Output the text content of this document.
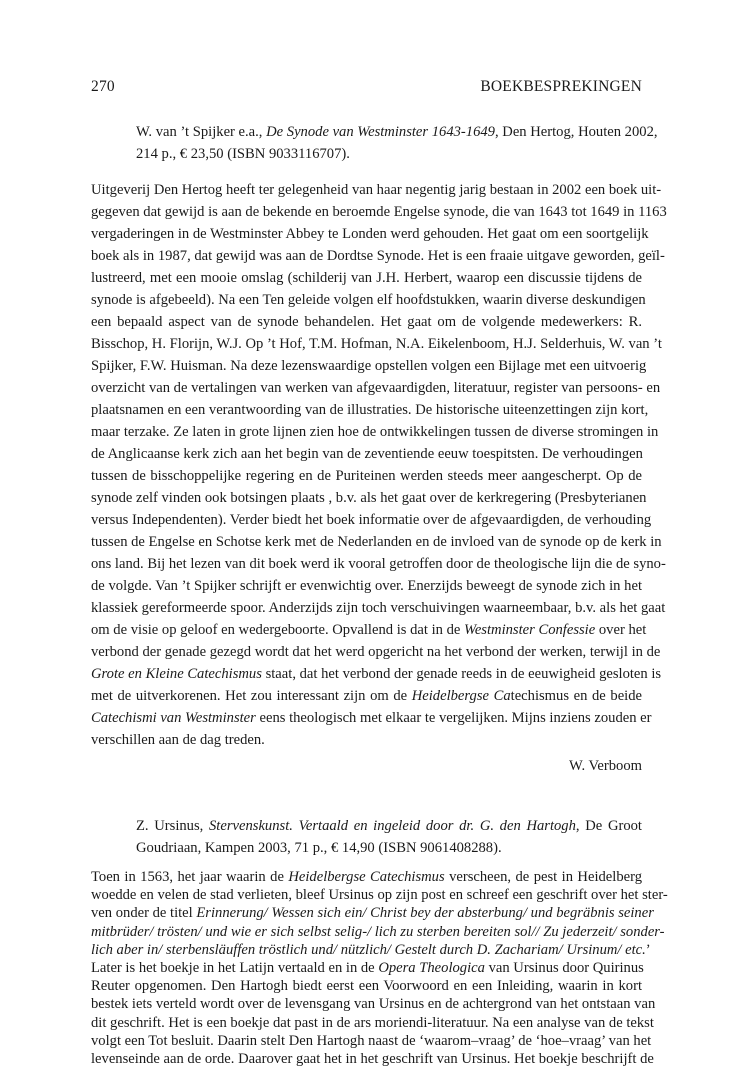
270	BOEKBESPREKINGEN
W. van ’t Spijker e.a., De Synode van Westminster 1643-1649, Den Hertog, Houten 2002,
214 p., € 23,50 (ISBN 9033116707).
Uitgeverij Den Hertog heeft ter gelegenheid van haar negentig jarig bestaan in 2002 een boek uit-
gegeven dat gewijd is aan de bekende en beroemde Engelse synode, die van 1643 tot 1649 in 1163
vergaderingen in de Westminster Abbey te Londen werd gehouden. Het gaat om een soortgelijk
boek als in 1987, dat gewijd was aan de Dordtse Synode. Het is een fraaie uitgave geworden, geïl-
lustreerd, met een mooie omslag (schilderij van J.H. Herbert, waarop een discussie tijdens de
synode is afgebeeld). Na een Ten geleide volgen elf hoofdstukken, waarin diverse deskundigen
een bepaald aspect van de synode behandelen. Het gaat om de volgende medewerkers: R.
Bisschop, H. Florijn, W.J. Op ’t Hof, T.M. Hofman, N.A. Eikelenboom, H.J. Selderhuis, W. van ’t
Spijker, F.W. Huisman. Na deze lezenswaardige opstellen volgen een Bijlage met een uitvoerig
overzicht van de vertalingen van werken van afgevaardigden, literatuur, register van persoons- en
plaatsnamen en een verantwoording van de illustraties. De historische uiteenzettingen zijn kort,
maar terzake. Ze laten in grote lijnen zien hoe de ontwikkelingen tussen de diverse stromingen in
de Anglicaanse kerk zich aan het begin van de zeventiende eeuw toespitsten. De verhoudingen
tussen de bisschoppelijke regering en de Puriteinen werden steeds meer aangescherpt. Op de
synode zelf vinden ook botsingen plaats , b.v. als het gaat over de kerkregering (Presbyterianen
versus Independenten). Verder biedt het boek informatie over de afgevaardigden, de verhouding
tussen de Engelse en Schotse kerk met de Nederlanden en de invloed van de synode op de kerk in
ons land. Bij het lezen van dit boek werd ik vooral getroffen door de theologische lijn die de syno-
de volgde. Van ’t Spijker schrijft er evenwichtig over. Enerzijds beweegt de synode zich in het
klassiek gereformeerde spoor. Anderzijds zijn toch verschuivingen waarneembaar, b.v. als het gaat
om de visie op geloof en wedergeboorte. Opvallend is dat in de Westminster Confessie over het
verbond der genade gezegd wordt dat het werd opgericht na het verbond der werken, terwijl in de
Grote en Kleine Catechismus staat, dat het verbond der genade reeds in de eeuwigheid gesloten is
met de uitverkorenen. Het zou interessant zijn om de Heidelbergse Catechismus en de beide
Catechismi van Westminster eens theologisch met elkaar te vergelijken. Mijns inziens zouden er
verschillen aan de dag treden.
W. Verboom
Z. Ursinus, Stervenskunst. Vertaald en ingeleid door dr. G. den Hartogh, De Groot
Goudriaan, Kampen 2003, 71 p., € 14,90 (ISBN 9061408288).
Toen in 1563, het jaar waarin de Heidelbergse Catechismus verscheen, de pest in Heidelberg
woedde en velen de stad verlieten, bleef Ursinus op zijn post en schreef een geschrift over het ster-
ven onder de titel Erinnerung/ Wessen sich ein/ Christ bey der absterbung/ und begräbnis seiner
mitbrüder/ trösten/ und wie er sich selbst selig-/ lich zu sterben bereiten sol// Zu jederzeit/ sonder-
lich aber in/ sterbensläuffen tröstlich und/ nützlich/ Gestelt durch D. Zachariam/ Ursinum/ etc.’
Later is het boekje in het Latijn vertaald en in de Opera Theologica van Ursinus door Quirinus
Reuter opgenomen. Den Hartogh biedt eerst een Voorwoord en een Inleiding, waarin in kort
bestek iets verteld wordt over de levensgang van Ursinus en de achtergrond van het ontstaan van
dit geschrift. Het is een boekje dat past in de ars moriendi-literatuur. Na een analyse van de tekst
volgt een Tot besluit. Daarin stelt Den Hartogh naast de ‘waarom–vraag’ de ‘hoe–vraag’ van het
levenseinde aan de orde. Daarover gaat het in het geschrift van Ursinus. Het boekje beschrijft de
